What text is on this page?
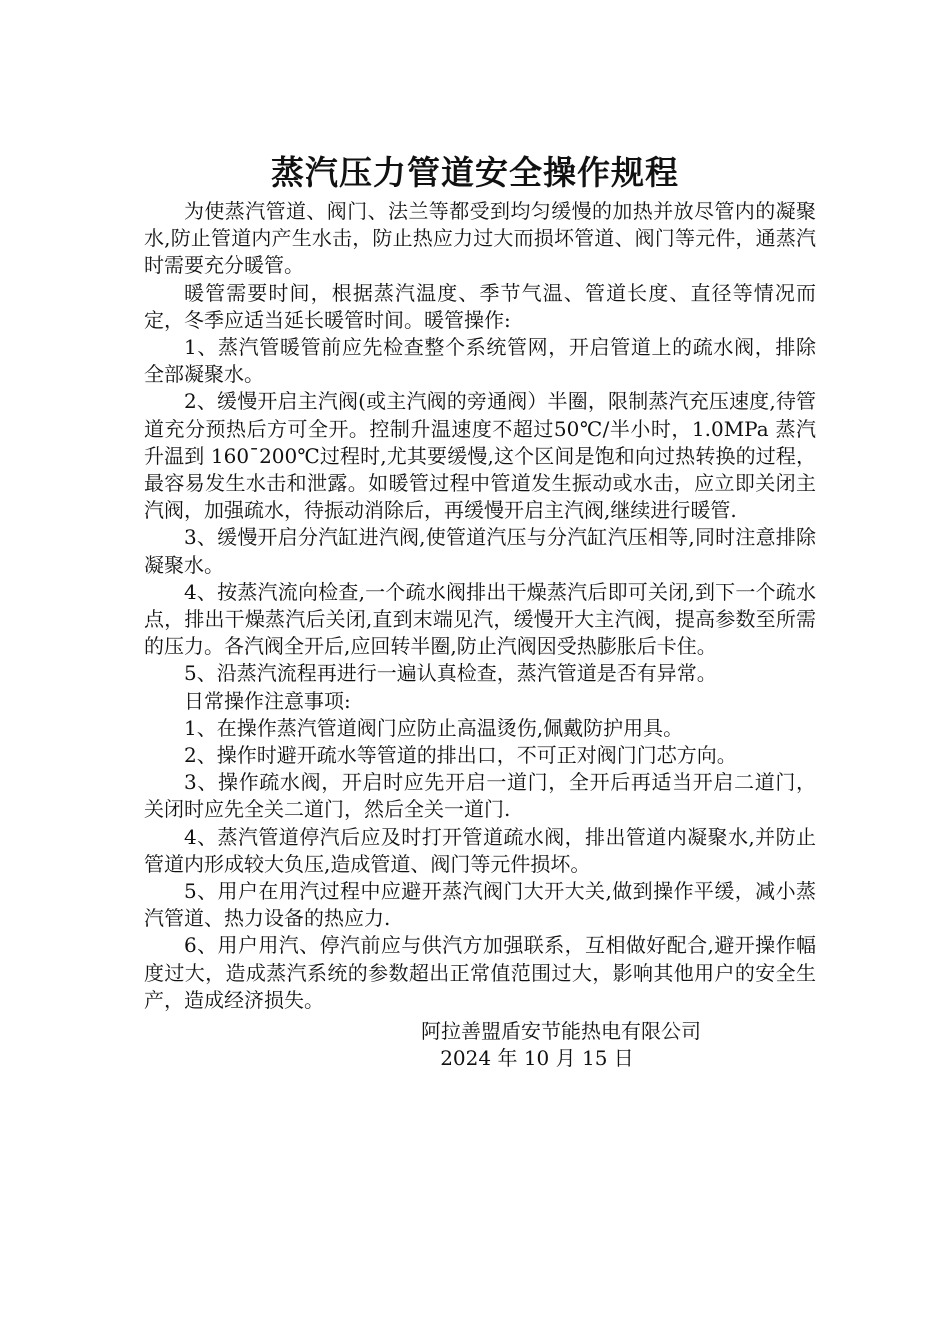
蒸汽压力管道安全操作规程

为使蒸汽管道、阀门、法兰等都受到均匀缓慢的加热并放尽管内的凝聚水,防止管道内产生水击，防止热应力过大而损坏管道、阀门等元件，通蒸汽时需要充分暖管。

暖管需要时间，根据蒸汽温度、季节气温、管道长度、直径等情况而定，冬季应适当延长暖管时间。暖管操作:

1、蒸汽管暖管前应先检查整个系统管网，开启管道上的疏水阀，排除全部凝聚水。

2、缓慢开启主汽阀(或主汽阀的旁通阀）半圈，限制蒸汽充压速度,待管道充分预热后方可全开。控制升温速度不超过50℃/半小时，1.0MPa 蒸汽升温到 160¯200℃过程时,尤其要缓慢,这个区间是饱和向过热转换的过程，最容易发生水击和泄露。如暖管过程中管道发生振动或水击，应立即关闭主汽阀，加强疏水，待振动消除后，再缓慢开启主汽阀,继续进行暖管.

3、缓慢开启分汽缸进汽阀,使管道汽压与分汽缸汽压相等,同时注意排除凝聚水。

4、按蒸汽流向检查,一个疏水阀排出干燥蒸汽后即可关闭,到下一个疏水点，排出干燥蒸汽后关闭,直到末端见汽，缓慢开大主汽阀，提高参数至所需的压力。各汽阀全开后,应回转半圈,防止汽阀因受热膨胀后卡住。

5、沿蒸汽流程再进行一遍认真检查，蒸汽管道是否有异常。

日常操作注意事项:

1、在操作蒸汽管道阀门应防止高温烫伤,佩戴防护用具。

2、操作时避开疏水等管道的排出口，不可正对阀门门芯方向。

3、操作疏水阀，开启时应先开启一道门，全开后再适当开启二道门，关闭时应先全关二道门，然后全关一道门.

4、蒸汽管道停汽后应及时打开管道疏水阀，排出管道内凝聚水,并防止管道内形成较大负压,造成管道、阀门等元件损坏。

5、用户在用汽过程中应避开蒸汽阀门大开大关,做到操作平缓，减小蒸汽管道、热力设备的热应力.

6、用户用汽、停汽前应与供汽方加强联系，互相做好配合,避开操作幅度过大，造成蒸汽系统的参数超出正常值范围过大，影响其他用户的安全生产，造成经济损失。

阿拉善盟盾安节能热电有限公司
2024 年 10 月 15 日
